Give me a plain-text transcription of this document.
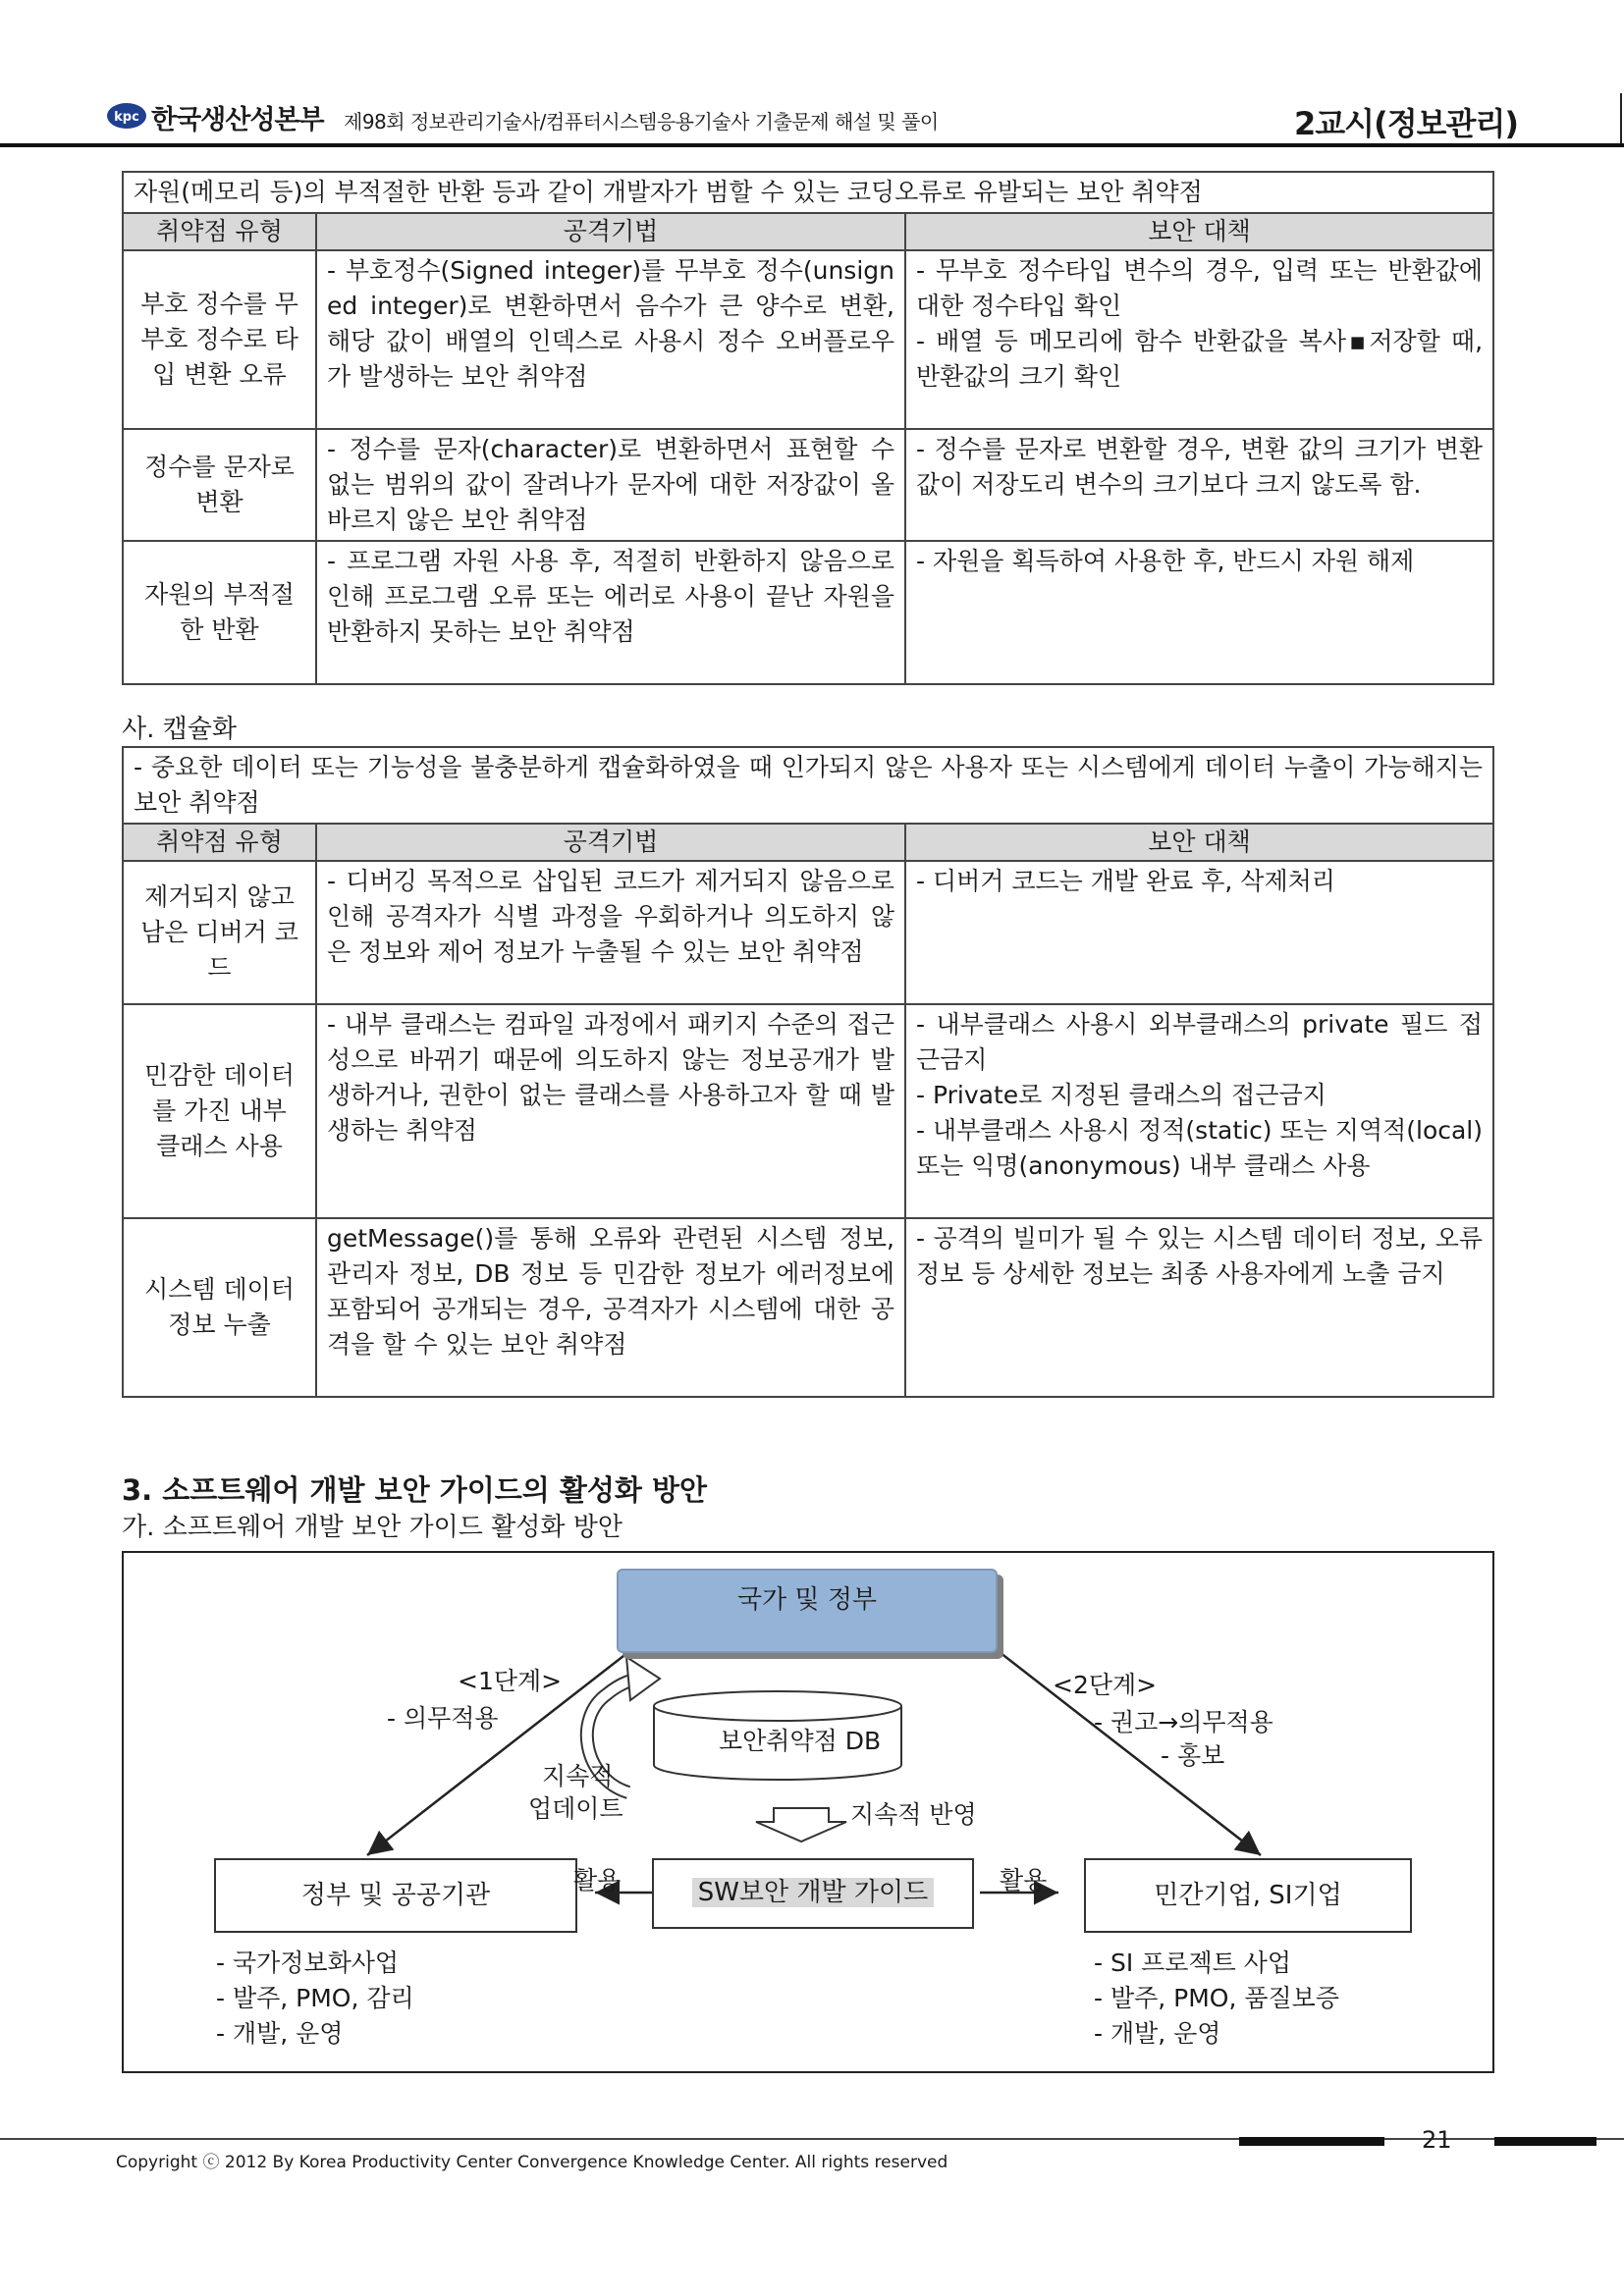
kpc 한국생산성본부 제98회 정보관리기술사/컴퓨터시스템응용기술사 기출문제 해설 및 풀이	2교시(정보관리)
자원(메모리 등)의 부적절한 반환 등과 같이 개발자가 범할 수 있는 코딩오류로 유발되는 보안 취약점		
취약점 유형	공격기법	보안 대책
부호 정수를 무부호 정수로 타입 변환 오류	- 부호정수(Signed integer)를 무부호 정수(unsigned integer)로 변환하면서 음수가 큰 양수로 변환, 해당 값이 배열의 인덱스로 사용시 정수 오버플로우가 발생하는 보안 취약점	- 무부호 정수타입 변수의 경우, 입력 또는 반환값에 대한 정수타입 확인
- 배열 등 메모리에 함수 반환값을 복사▪저장할 때, 반환값의 크기 확인

정수를 문자로 변환	- 정수를 문자(character)로 변환하면서 표현할 수 없는 범위의 값이 잘려나가 문자에 대한 저장값이 올바르지 않은 보안 취약점	- 정수를 문자로 변환할 경우, 변환 값의 크기가 변환 값이 저장도리 변수의 크기보다 크지 않도록 함.

자원의 부적절한 반환	- 프로그램 자원 사용 후, 적절히 반환하지 않음으로 인해 프로그램 오류 또는 에러로 사용이 끝난 자원을 반환하지 못하는 보안 취약점	- 자원을 획득하여 사용한 후, 반드시 자원 해제
사. 캡슐화
- 중요한 데이터 또는 기능성을 불충분하게 캡슐화하였을 때 인가되지 않은 사용자 또는 시스템에게 데이터 누출이 가능해지는 보안 취약점		
취약점 유형	공격기법	보안 대책
제거되지 않고 남은 디버거 코드	- 디버깅 목적으로 삽입된 코드가 제거되지 않음으로 인해 공격자가 식별 과정을 우회하거나 의도하지 않은 정보와 제어 정보가 누출될 수 있는 보안 취약점	- 디버거 코드는 개발 완료 후, 삭제처리

민감한 데이터를 가진 내부 클래스 사용	- 내부 클래스는 컴파일 과정에서 패키지 수준의 접근성으로 바뀌기 때문에 의도하지 않는 정보공개가 발생하거나, 권한이 없는 클래스를 사용하고자 할 때 발생하는 취약점	- 내부클래스 사용시 외부클래스의 private 필드 접근금지
- Private로 지정된 클래스의 접근금지
- 내부클래스 사용시 정적(static) 또는 지역적(local) 또는 익명(anonymous) 내부 클래스 사용

시스템 데이터 정보 누출	getMessage()를 통해 오류와 관련된 시스템 정보, 관리자 정보, DB 정보 등 민감한 정보가 에러정보에 포함되어 공개되는 경우, 공격자가 시스템에 대한 공격을 할 수 있는 보안 취약점	- 공격의 빌미가 될 수 있는 시스템 데이터 정보, 오류정보 등 상세한 정보는 최종 사용자에게 노출 금지
3. 소프트웨어 개발 보안 가이드의 활성화 방안
가. 소프트웨어 개발 보안 가이드 활성화 방안
국가 및 정부
<1단계>
- 의무적용
<2단계>
- 권고→의무적용
- 홍보
보안취약점 DB
지속적
업데이트	지속적 반영
정부 및 공공기관	SW보안 개발 가이드	민간기업, SI기업
활용	활용
- 국가정보화사업
- 발주, PMO, 감리
- 개발, 운영
- SI 프로젝트 사업
- 발주, PMO, 품질보증
- 개발, 운영
21
Copyright ⓒ 2012 By Korea Productivity Center Convergence Knowledge Center. All rights reserved
